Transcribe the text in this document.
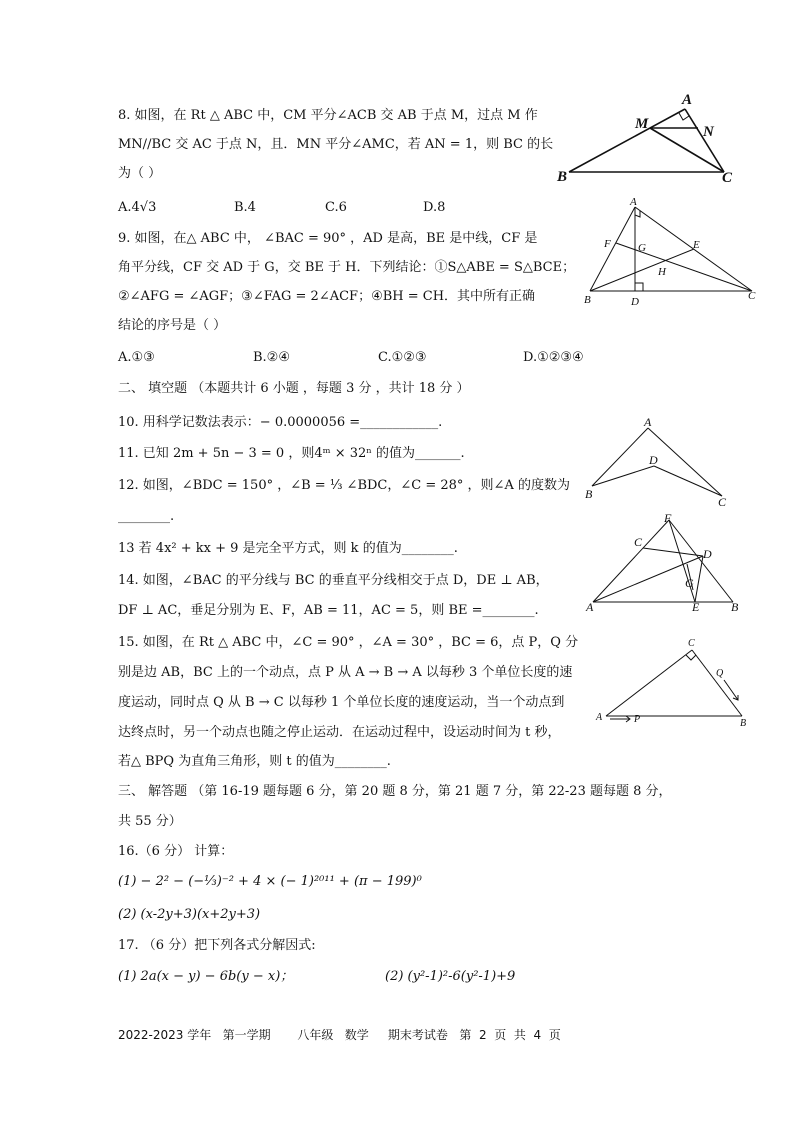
8. 如图，在 Rt △ ABC 中，CM 平分∠ACB 交 AB 于点 M，过点 M 作
MN//BC 交 AC 于点 N，且．MN 平分∠AMC，若 AN = 1，则 BC 的长
为（ ）
A.4√3	B.4	C.6	D.8
A
M	N
B	C
9. 如图，在△ ABC 中， ∠BAC = 90° ，AD 是高，BE 是中线，CF 是
角平分线，CF 交 AD 于 G，交 BE 于 H．下列结论：①S△ABE = S△BCE；
②∠AFG = ∠AGF；③∠FAG = 2∠ACF；④BH = CH．其中所有正确
结论的序号是（ ）
A.①③	B.②④	C.①②③	D.①②③④
A
F G	E
H
B	D	C
二、 填空题 （本题共计 6 小题 ，每题 3 分 ，共计 18 分 ）
10. 用科学记数法表示：− 0.0000056 =____________.
11. 已知 2m + 5n − 3 = 0 ，则4ᵐ × 32ⁿ 的值为_______.
12. 如图，∠BDC = 150° ，∠B = ⅓ ∠BDC，∠C = 28° ，则∠A 的度数为
________.
A
D
B
C
13 若 4x² + kx + 9 是完全平方式，则 k 的值为________.
14. 如图，∠BAC 的平分线与 BC 的垂直平分线相交于点 D，DE ⊥ AB，
DF ⊥ AC，垂足分别为 E、F，AB = 11，AC = 5，则 BE =________.
F
C
D
G
A	E	B
15. 如图，在 Rt △ ABC 中，∠C = 90° ，∠A = 30° ，BC = 6，点 P，Q 分
别是边 AB，BC 上的一个动点，点 P 从 A → B → A 以每秒 3 个单位长度的速
度运动，同时点 Q 从 B → C 以每秒 1 个单位长度的速度运动，当一个动点到
达终点时，另一个动点也随之停止运动．在运动过程中，设运动时间为 t 秒，
若△ BPQ 为直角三角形，则 t 的值为________.
C
Q
A	P	B
三、 解答题 （第 16-19 题每题 6 分，第 20 题 8 分，第 21 题 7 分，第 22-23 题每题 8 分，
共 55 分）
16.（6 分） 计算：
(1) − 2² − (−⅓)⁻² + 4 × (− 1)²⁰¹¹ + (π − 199)⁰
(2) (x-2y+3)(x+2y+3)
17. （6 分）把下列各式分解因式:
(1) 2a(x − y) − 6b(y − x)；	(2) (y²-1)²-6(y²-1)+9
2022-2023 学年   第一学期       八年级   数学     期末考试卷   第  2  页  共  4  页
